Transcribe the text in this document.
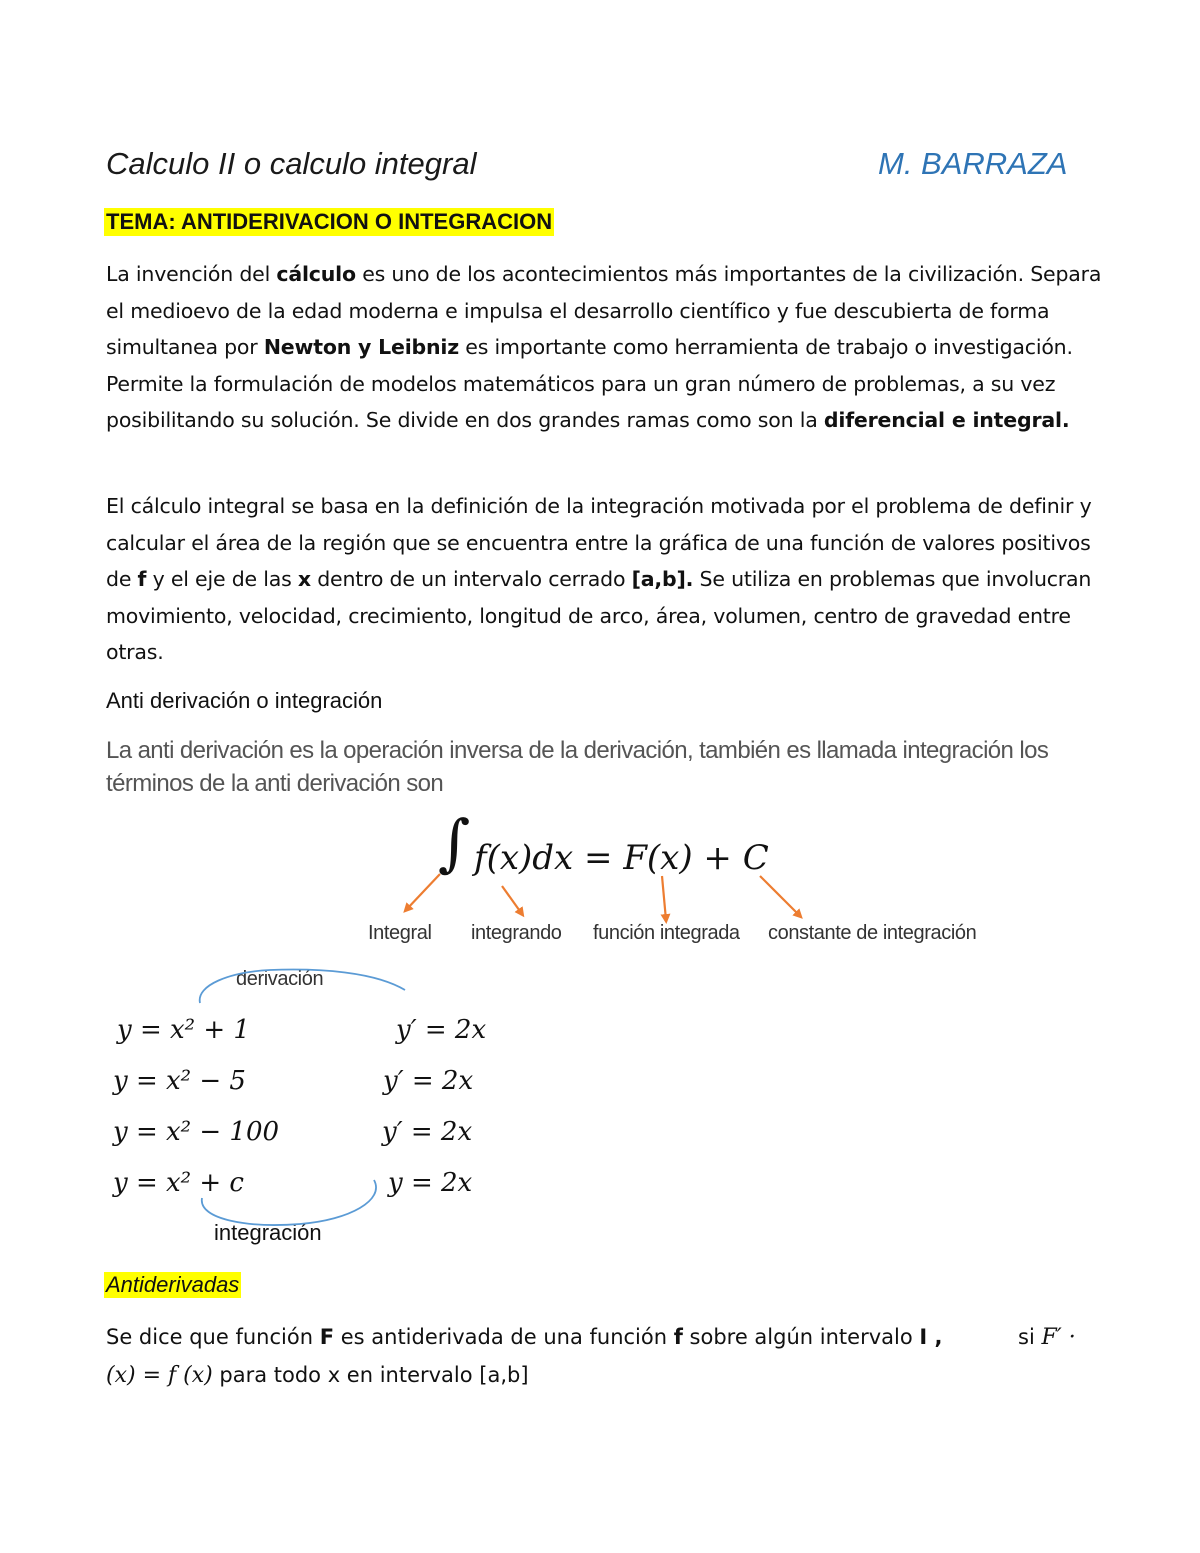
Calculo II o calculo integral	M. BARRAZA
TEMA: ANTIDERIVACION O INTEGRACION

La invención del cálculo es uno de los acontecimientos más importantes de la civilización. Separa el medioevo de la edad moderna e impulsa el desarrollo científico y fue descubierta de forma simultanea por Newton y Leibniz es importante como herramienta de trabajo o investigación. Permite la formulación de modelos matemáticos para un gran número de problemas, a su vez posibilitando su solución. Se divide en dos grandes ramas como son la diferencial e integral.

El cálculo integral se basa en la definición de la integración motivada por el problema de definir y calcular el área de la región que se encuentra entre la gráfica de una función de valores positivos de f y el eje de las x dentro de un intervalo cerrado [a,b]. Se utiliza en problemas que involucran movimiento, velocidad, crecimiento, longitud de arco, área, volumen, centro de gravedad entre otras.

Anti derivación o integración

La anti derivación es la operación inversa de la derivación, también es llamada integración los términos de la anti derivación son

∫ f(x)dx = F(x) + C
Integral integrando función integrada constante de integración
derivación
y = x² + 1	y′ = 2x
y = x² − 5	y′ = 2x
y = x² − 100	y′ = 2x
y = x² + c	y = 2x
integración
Antiderivadas
Se dice que función F es antiderivada de una función f sobre algún intervalo I ,	si F′ ·
(x) = f (x) para todo x en intervalo [a,b]
